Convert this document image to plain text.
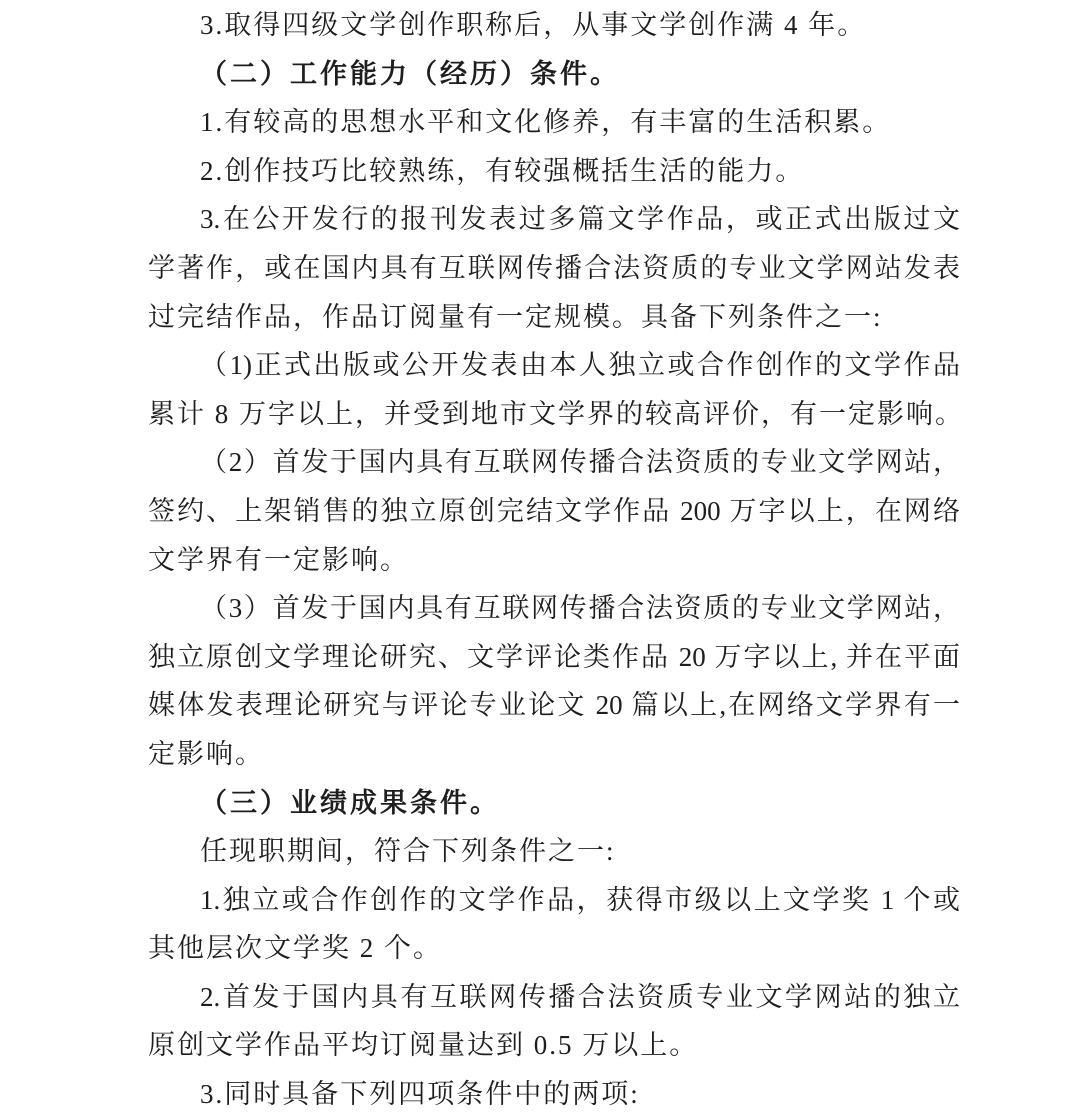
3.取得四级文学创作职称后，从事文学创作满 4 年。
（二）工作能力（经历）条件。
1.有较高的思想水平和文化修养，有丰富的生活积累。
2.创作技巧比较熟练，有较强概括生活的能力。
3.在公开发行的报刊发表过多篇文学作品，或正式出版过文
学著作，或在国内具有互联网传播合法资质的专业文学网站发表
过完结作品，作品订阅量有一定规模。具备下列条件之一:
（1)正式出版或公开发表由本人独立或合作创作的文学作品
累计 8 万字以上，并受到地市文学界的较高评价，有一定影响。
（2）首发于国内具有互联网传播合法资质的专业文学网站，
签约、上架销售的独立原创完结文学作品 200 万字以上，在网络
文学界有一定影响。
（3）首发于国内具有互联网传播合法资质的专业文学网站，
独立原创文学理论研究、文学评论类作品 20 万字以上, 并在平面
媒体发表理论研究与评论专业论文 20 篇以上,在网络文学界有一
定影响。
（三）业绩成果条件。
任现职期间，符合下列条件之一:
1.独立或合作创作的文学作品，获得市级以上文学奖 1 个或
其他层次文学奖 2 个。
2.首发于国内具有互联网传播合法资质专业文学网站的独立
原创文学作品平均订阅量达到 0.5 万以上。
3.同时具备下列四项条件中的两项:
